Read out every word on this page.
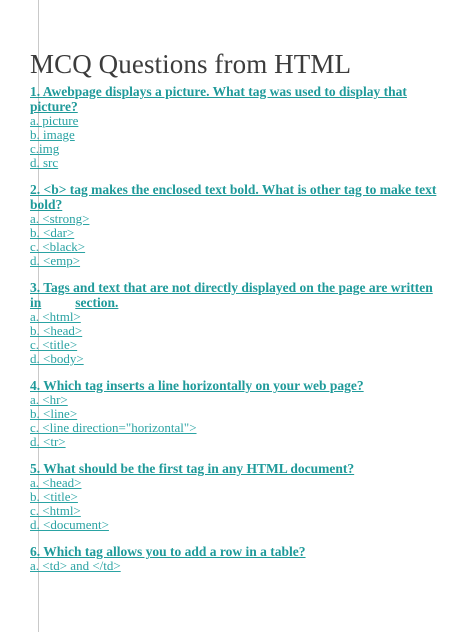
MCQ Questions from HTML

1. Awebpage displays a picture. What tag was used to display that picture?

a. picture
b. image
c.img
d. src

2. <b> tag makes the enclosed text bold. What is other tag to make text bold?

a. <strong>
b. <dar>
c. <black>
d. <emp>

3. Tags and text that are not directly displayed on the page are written in	section.

a. <html>
b. <head>
c. <title>
d. <body>

4. Which tag inserts a line horizontally on your web page?

a. <hr>
b. <line>
c. <line direction="horizontal">
d. <tr>

5. What should be the first tag in any HTML document?

a. <head>
b. <title>
c. <html>
d. <document>

6. Which tag allows you to add a row in a table?

a. <td> and </td>
